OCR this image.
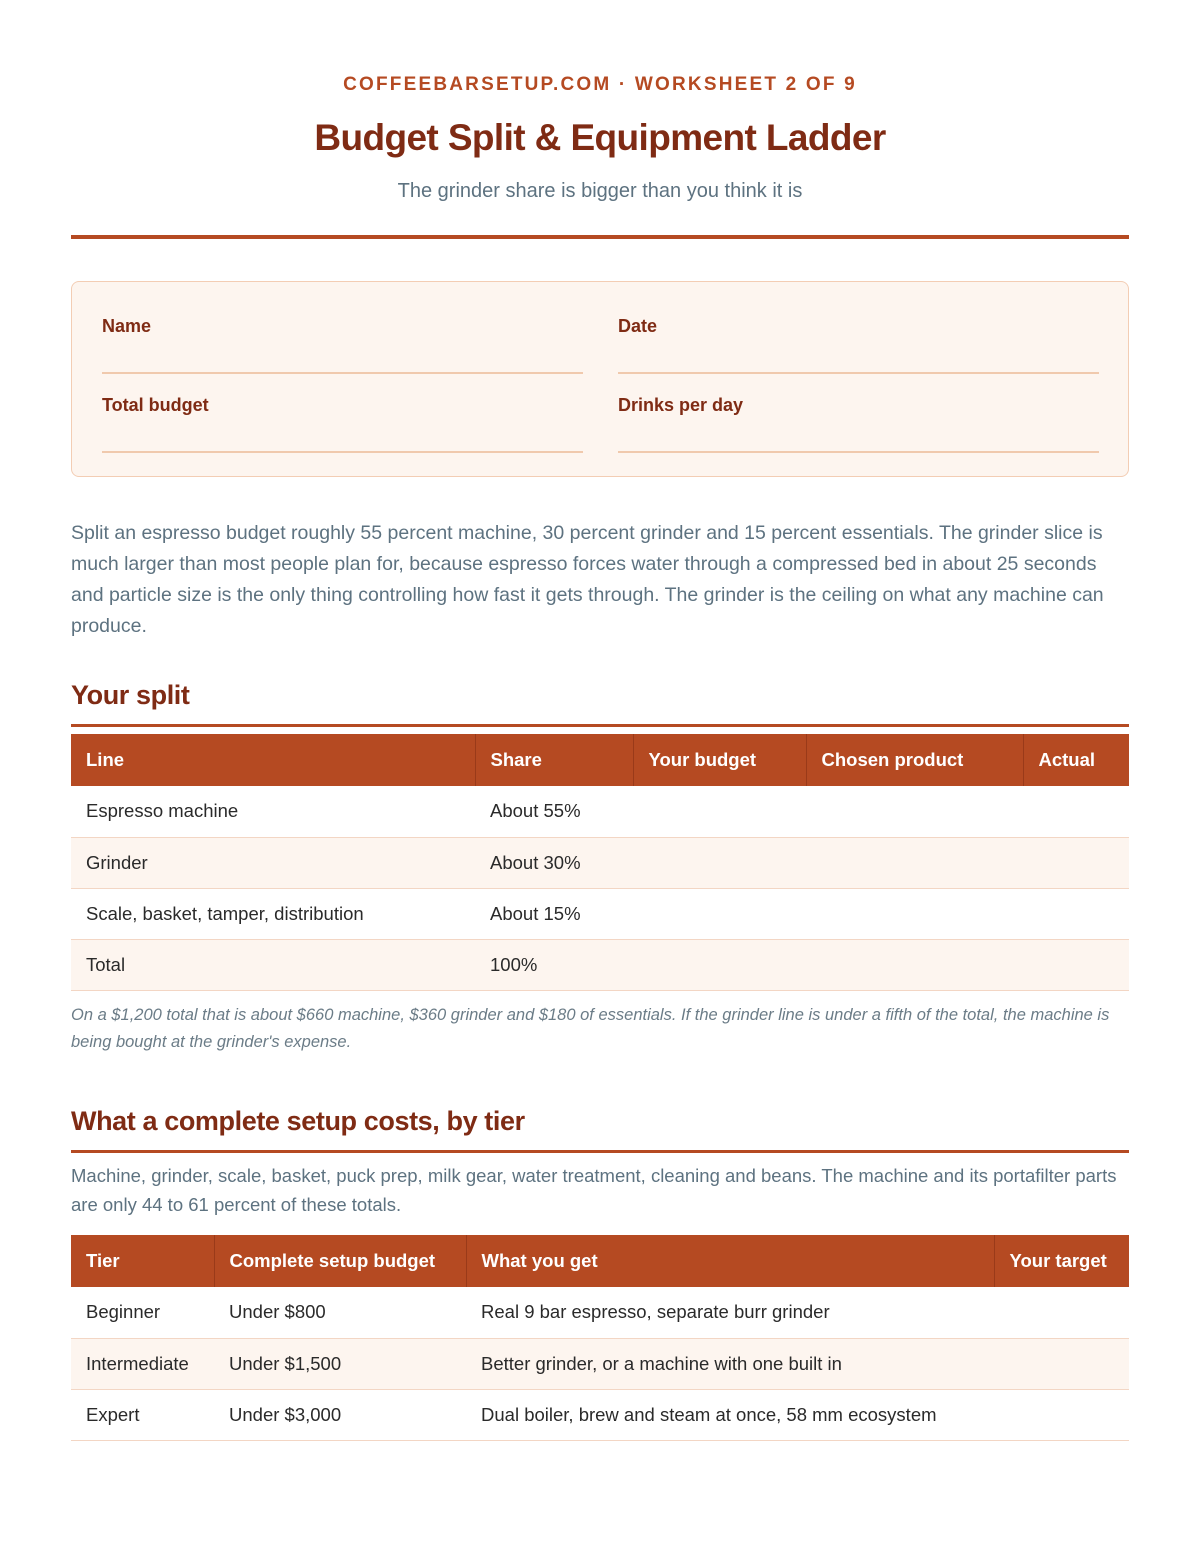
COFFEEBARSETUP.COM · WORKSHEET 2 OF 9
Budget Split & Equipment Ladder
The grinder share is bigger than you think it is
Name	Date
Total budget	Drinks per day

Split an espresso budget roughly 55 percent machine, 30 percent grinder and 15 percent essentials. The grinder slice is much larger than most people plan for, because espresso forces water through a compressed bed in about 25 seconds and particle size is the only thing controlling how fast it gets through. The grinder is the ceiling on what any machine can produce.

Your split
Line	Share	Your budget	Chosen product	Actual
Espresso machine	About 55%			
Grinder	About 30%			
Scale, basket, tamper, distribution	About 15%			
Total	100%			

On a $1,200 total that is about $660 machine, $360 grinder and $180 of essentials. If the grinder line is under a fifth of the total, the machine is being bought at the grinder's expense.

What a complete setup costs, by tier

Machine, grinder, scale, basket, puck prep, milk gear, water treatment, cleaning and beans. The machine and its portafilter parts are only 44 to 61 percent of these totals.

Tier	Complete setup budget	What you get	Your target
Beginner	Under $800	Real 9 bar espresso, separate burr grinder	
Intermediate	Under $1,500	Better grinder, or a machine with one built in	
Expert	Under $3,000	Dual boiler, brew and steam at once, 58 mm ecosystem	
